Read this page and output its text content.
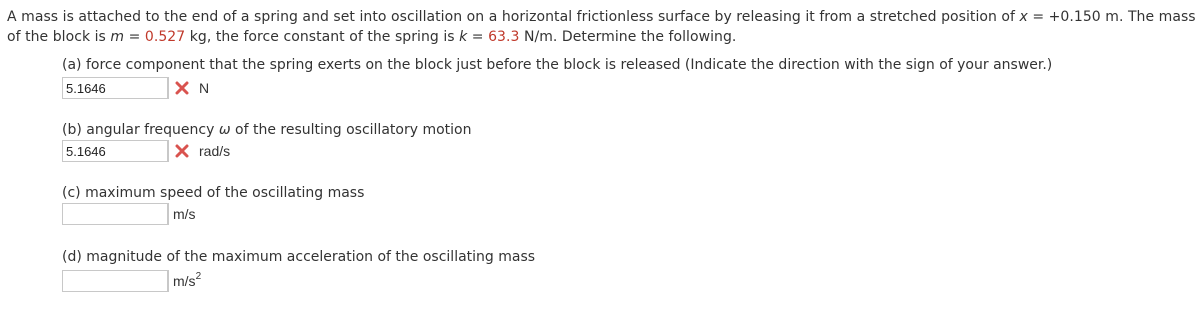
A mass is attached to the end of a spring and set into oscillation on a horizontal frictionless surface by releasing it from a stretched position of x = +0.150 m. The mass of the block is m = 0.527 kg, the force constant of the spring is k = 63.3 N/m. Determine the following.
(a) force component that the spring exerts on the block just before the block is released (Indicate the direction with the sign of your answer.)
5.1646	N
(b) angular frequency ω of the resulting oscillatory motion
5.1646	rad/s
(c) maximum speed of the oscillating mass
m/s
(d) magnitude of the maximum acceleration of the oscillating mass
$m/s^2$
